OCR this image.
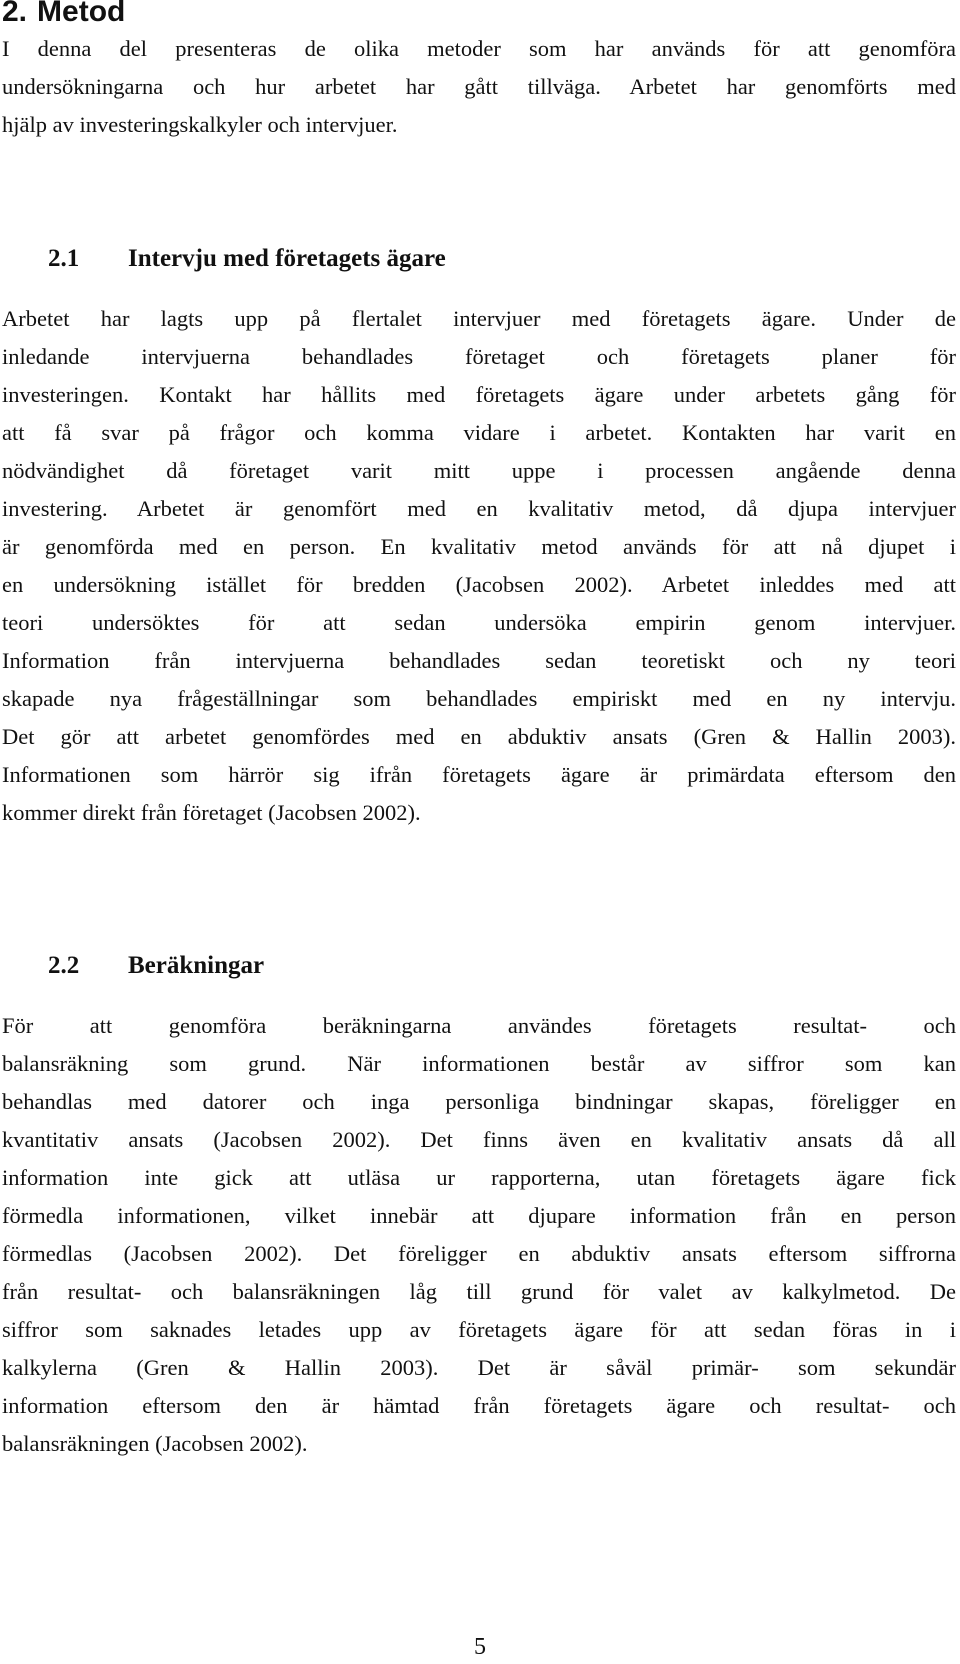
2. Metod
I denna del presenteras de olika metoder som har används för att genomföra
undersökningarna och hur arbetet har gått tillväga. Arbetet har genomförts med
hjälp av investeringskalkyler och intervjuer.
2.1 Intervju med företagets ägare
Arbetet har lagts upp på flertalet intervjuer med företagets ägare. Under de
inledande intervjuerna behandlades företaget och företagets planer för
investeringen. Kontakt har hållits med företagets ägare under arbetets gång för
att få svar på frågor och komma vidare i arbetet. Kontakten har varit en
nödvändighet då företaget varit mitt uppe i processen angående denna
investering. Arbetet är genomfört med en kvalitativ metod, då djupa intervjuer
är genomförda med en person. En kvalitativ metod används för att nå djupet i
en undersökning istället för bredden (Jacobsen 2002). Arbetet inleddes med att
teori undersöktes för att sedan undersöka empirin genom intervjuer.
Information från intervjuerna behandlades sedan teoretiskt och ny teori
skapade nya frågeställningar som behandlades empiriskt med en ny intervju.
Det gör att arbetet genomfördes med en abduktiv ansats (Gren & Hallin 2003).
Informationen som härrör sig ifrån företagets ägare är primärdata eftersom den
kommer direkt från företaget (Jacobsen 2002).
2.2 Beräkningar
För att genomföra beräkningarna användes företagets resultat- och
balansräkning som grund. När informationen består av siffror som kan
behandlas med datorer och inga personliga bindningar skapas, föreligger en
kvantitativ ansats (Jacobsen 2002). Det finns även en kvalitativ ansats då all
information inte gick att utläsa ur rapporterna, utan företagets ägare fick
förmedla informationen, vilket innebär att djupare information från en person
förmedlas (Jacobsen 2002). Det föreligger en abduktiv ansats eftersom siffrorna
från resultat- och balansräkningen låg till grund för valet av kalkylmetod. De
siffror som saknades letades upp av företagets ägare för att sedan föras in i
kalkylerna (Gren & Hallin 2003). Det är såväl primär- som sekundär
information eftersom den är hämtad från företagets ägare och resultat- och
balansräkningen (Jacobsen 2002).
5
